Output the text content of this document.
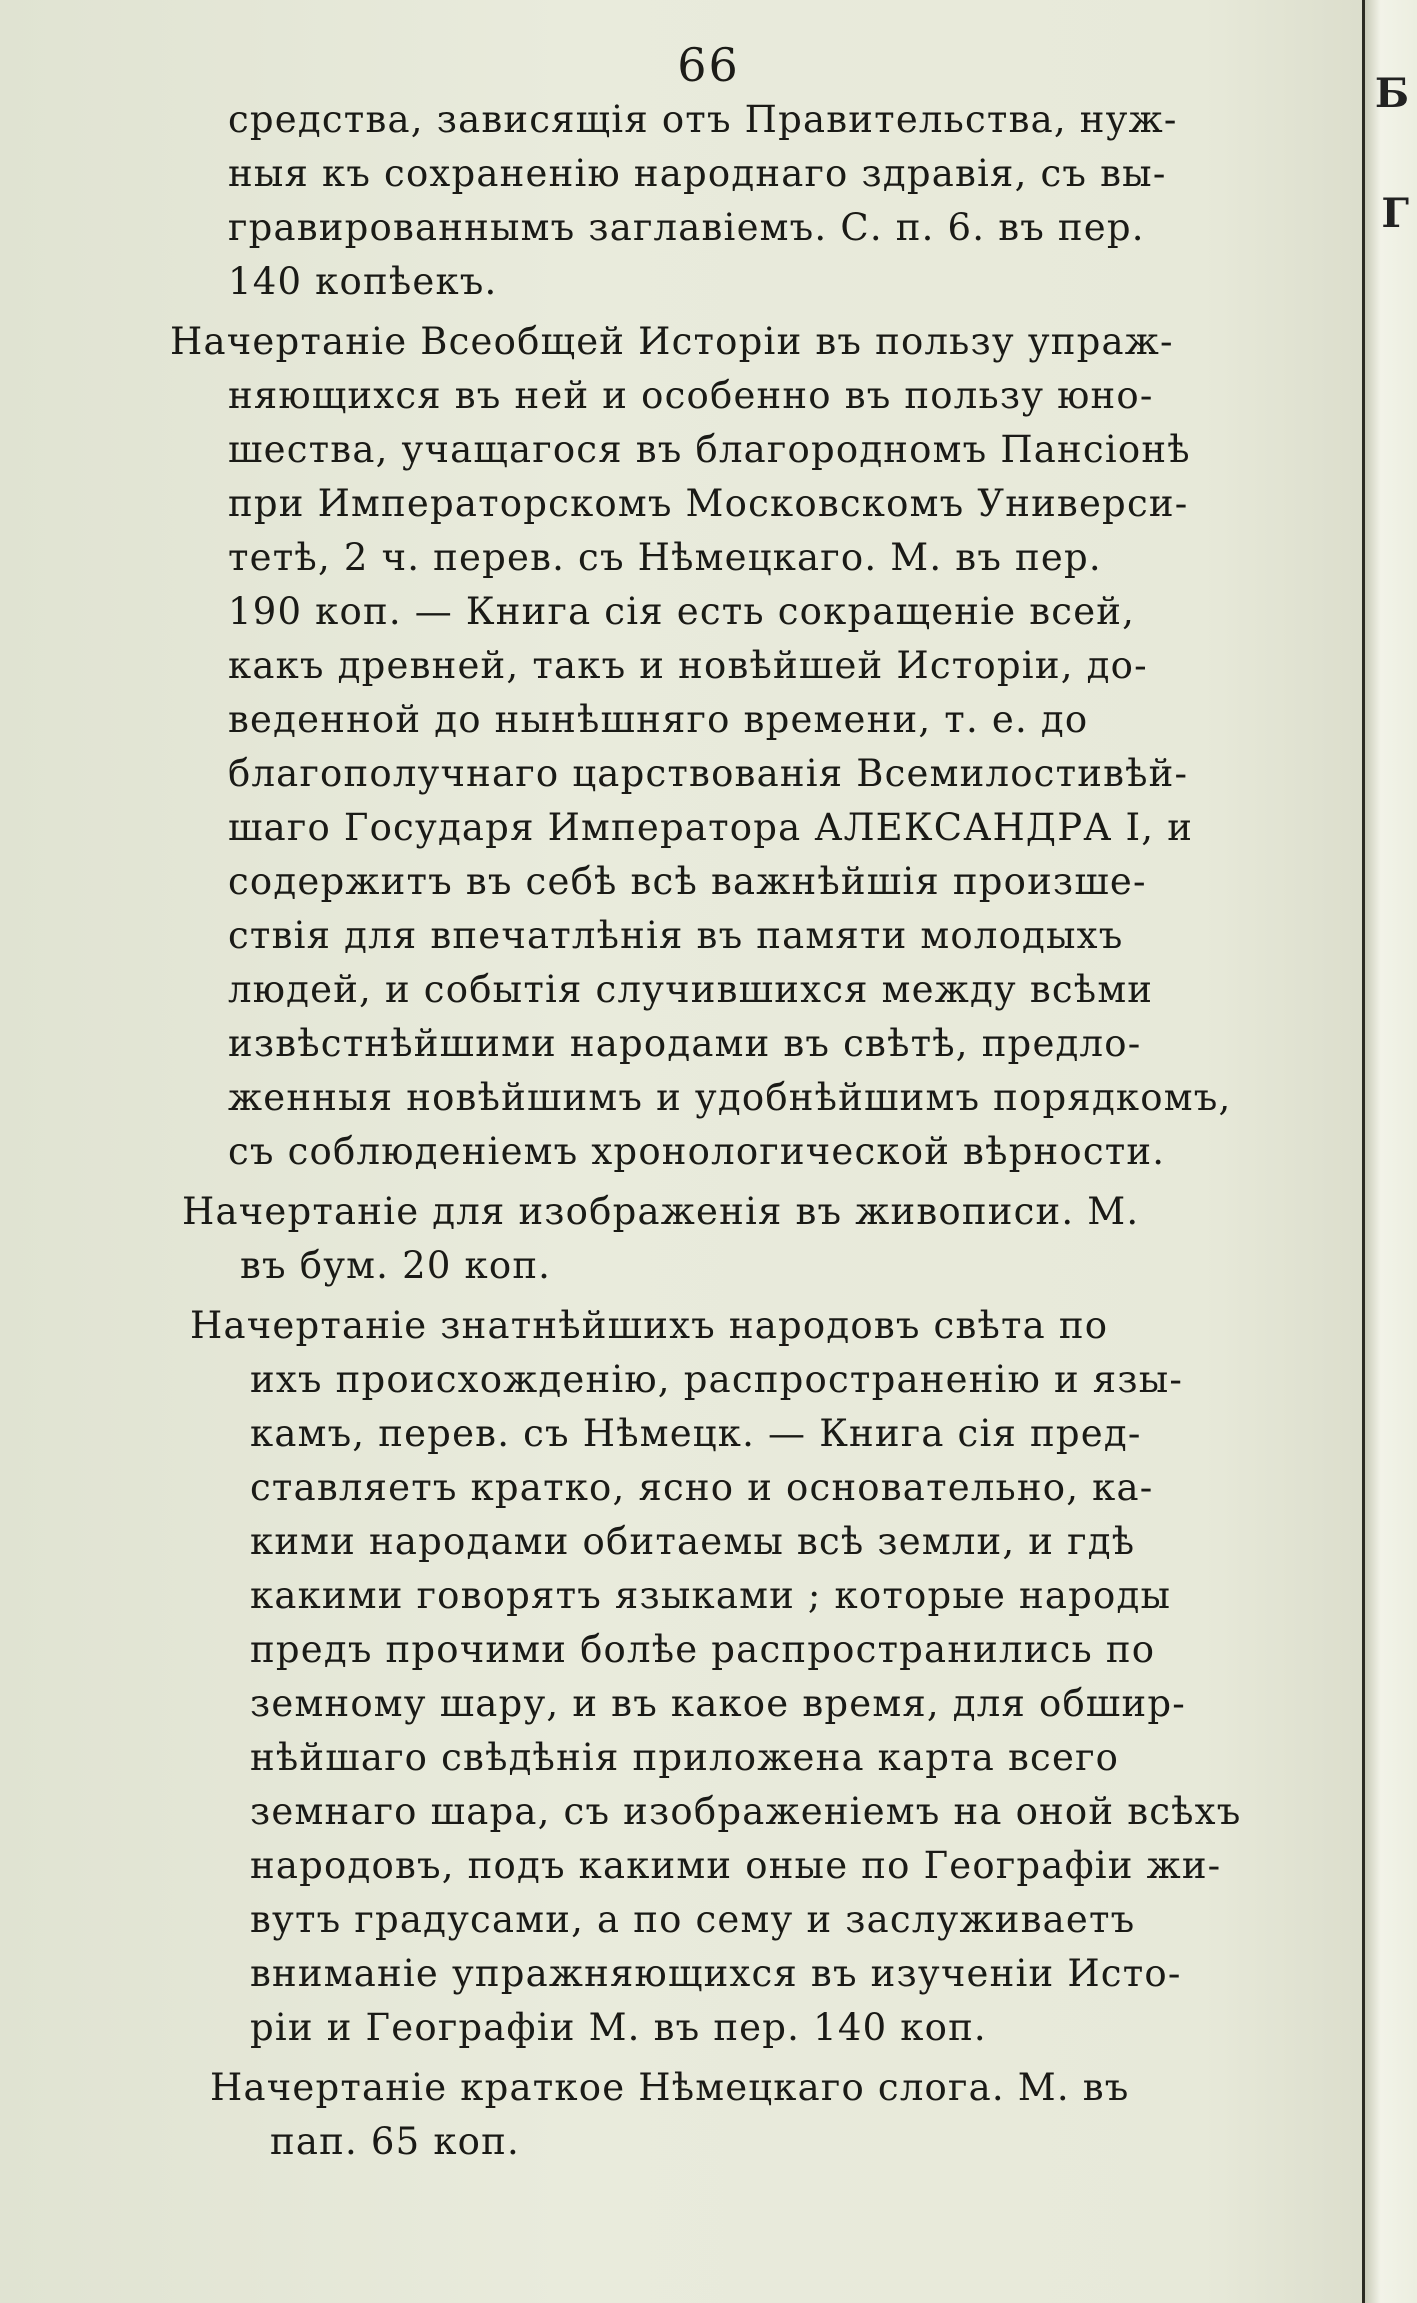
66
средства, зависящія отъ Правительства, нуж-
ныя къ сохраненію народнаго здравія, съ вы-
гравированнымъ заглавіемъ. С. п. 6. въ пер.
140 копѣекъ.
Начертаніе Всеобщей Исторіи въ пользу упраж-
няющихся въ ней и особенно въ пользу юно-
шества, учащагося въ благородномъ Пансіонѣ
при Императорскомъ Московскомъ Универси-
тетѣ, 2 ч. перев. съ Нѣмецкаго. М. въ пер.
190 коп. — Книга сія есть сокращеніе всей,
какъ древней, такъ и новѣйшей Исторіи, до-
веденной до нынѣшняго времени, т. е. до
благополучнаго царствованія Всемилостивѣй-
шаго Государя Императора АЛЕКСАНДРА I, и
содержитъ въ себѣ всѣ важнѣйшія произше-
ствія для впечатлѣнія въ памяти молодыхъ
людей, и событія случившихся между всѣми
извѣстнѣйшими народами въ свѣтѣ, предло-
женныя новѣйшимъ и удобнѣйшимъ порядкомъ,
съ соблюденіемъ хронологической вѣрности.
Начертаніе для изображенія въ живописи. М.
въ бум. 20 коп.
Начертаніе знатнѣйшихъ народовъ свѣта по
ихъ происхожденію, распространенію и язы-
камъ, перев. съ Нѣмецк. — Книга сія пред-
ставляетъ кратко, ясно и основательно, ка-
кими народами обитаемы всѣ земли, и гдѣ
какими говорятъ языками ; которые народы
предъ прочими болѣе распространились по
земному шару, и въ какое время, для обшир-
нѣйшаго свѣдѣнія приложена карта всего
земнаго шара, съ изображеніемъ на оной всѣхъ
народовъ, подъ какими оные по Географіи жи-
вутъ градусами, а по сему и заслуживаетъ
вниманіе упражняющихся въ изученіи Исто-
ріи и Географіи М. въ пер. 140 коп.
Начертаніе краткое Нѣмецкаго слога. М. въ
пап. 65 коп.
Б
Г
